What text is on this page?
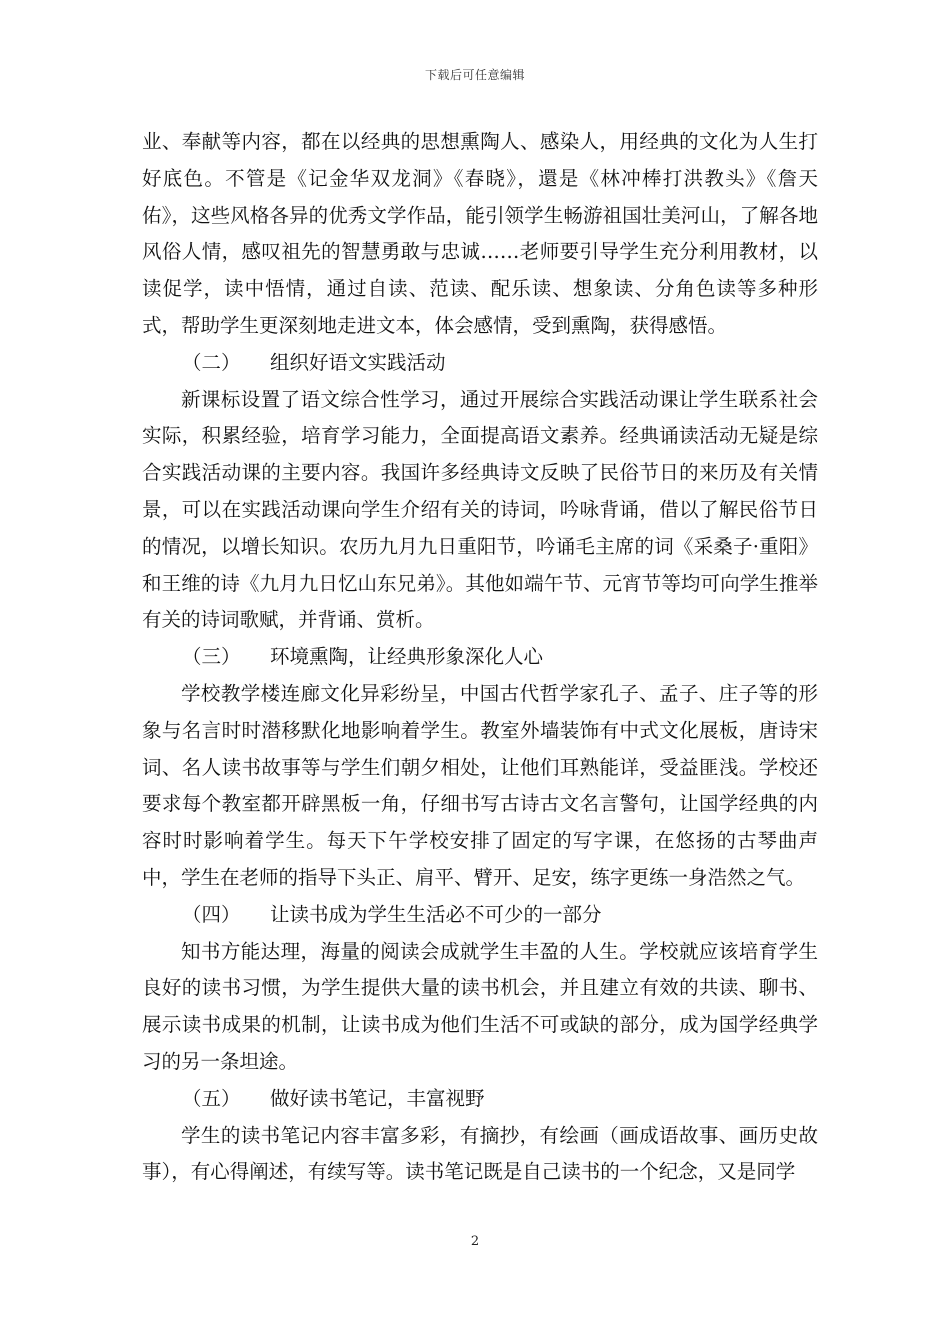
下载后可任意编辑

业、奉献等内容，都在以经典的思想熏陶人、感染人，用经典的文化为人生打好底色。不管是《记金华双龙洞》《春晓》，還是《林冲棒打洪教头》《詹天佑》，这些风格各异的优秀文学作品，能引领学生畅游祖国壮美河山，了解各地风俗人情，感叹祖先的智慧勇敢与忠诚……老师要引导学生充分利用教材，以读促学，读中悟情，通过自读、范读、配乐读、想象读、分角色读等多种形式，帮助学生更深刻地走进文本，体会感情，受到熏陶，获得感悟。

（二） 组织好语文实践活动

新课标设置了语文综合性学习，通过开展综合实践活动课让学生联系社会实际，积累经验，培育学习能力，全面提高语文素养。经典诵读活动无疑是综合实践活动课的主要内容。我国许多经典诗文反映了民俗节日的来历及有关情景，可以在实践活动课向学生介绍有关的诗词，吟咏背诵，借以了解民俗节日的情况，以增长知识。农历九月九日重阳节，吟诵毛主席的词《采桑子·重阳》和王维的诗《九月九日忆山东兄弟》。其他如端午节、元宵节等均可向学生推举有关的诗词歌赋，并背诵、赏析。

（三） 环境熏陶，让经典形象深化人心

学校教学楼连廊文化异彩纷呈，中国古代哲学家孔子、孟子、庄子等的形象与名言时时潜移默化地影响着学生。教室外墙装饰有中式文化展板，唐诗宋词、名人读书故事等与学生们朝夕相处，让他们耳熟能详，受益匪浅。学校还要求每个教室都开辟黑板一角，仔细书写古诗古文名言警句，让国学经典的内容时时影响着学生。每天下午学校安排了固定的写字课，在悠扬的古琴曲声中，学生在老师的指导下头正、肩平、臂开、足安，练字更练一身浩然之气。

（四） 让读书成为学生生活必不可少的一部分

知书方能达理，海量的阅读会成就学生丰盈的人生。学校就应该培育学生良好的读书习惯，为学生提供大量的读书机会，并且建立有效的共读、聊书、展示读书成果的机制，让读书成为他们生活不可或缺的部分，成为国学经典学习的另一条坦途。

（五） 做好读书笔记，丰富视野

学生的读书笔记内容丰富多彩，有摘抄，有绘画（画成语故事、画历史故事），有心得阐述，有续写等。读书笔记既是自己读书的一个纪念，又是同学

2
